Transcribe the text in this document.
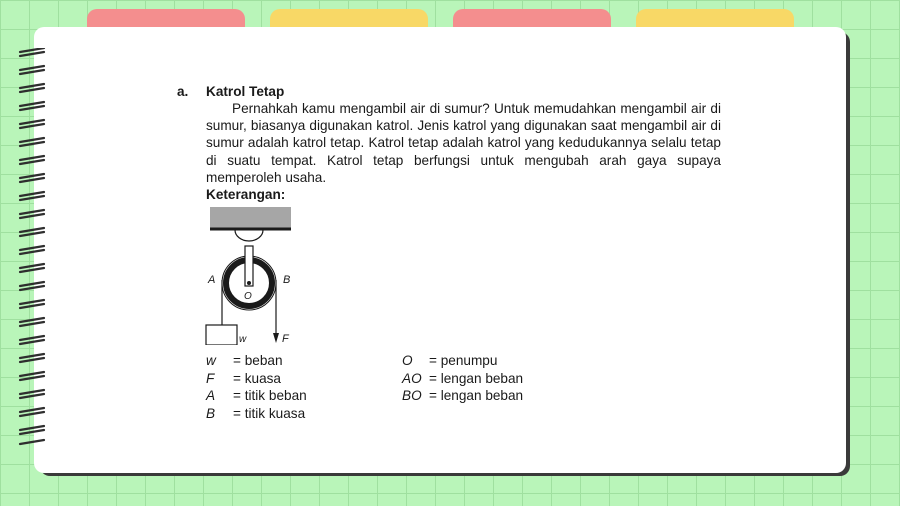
a. Katrol Tetap
Pernahkah kamu mengambil air di sumur? Untuk memudahkan mengambil air di sumur, biasanya digunakan katrol. Jenis katrol yang digunakan saat mengambil air di sumur adalah katrol tetap. Katrol tetap adalah katrol yang kedudukannya selalu tetap di suatu tempat. Katrol tetap berfungsi untuk mengubah arah gaya supaya memperoleh usaha.
Keterangan:
A	B
O
w	F
w = beban
F = kuasa
A = titik beban
B = titik kuasa
O = penumpu
AO = lengan beban
BO = lengan beban
